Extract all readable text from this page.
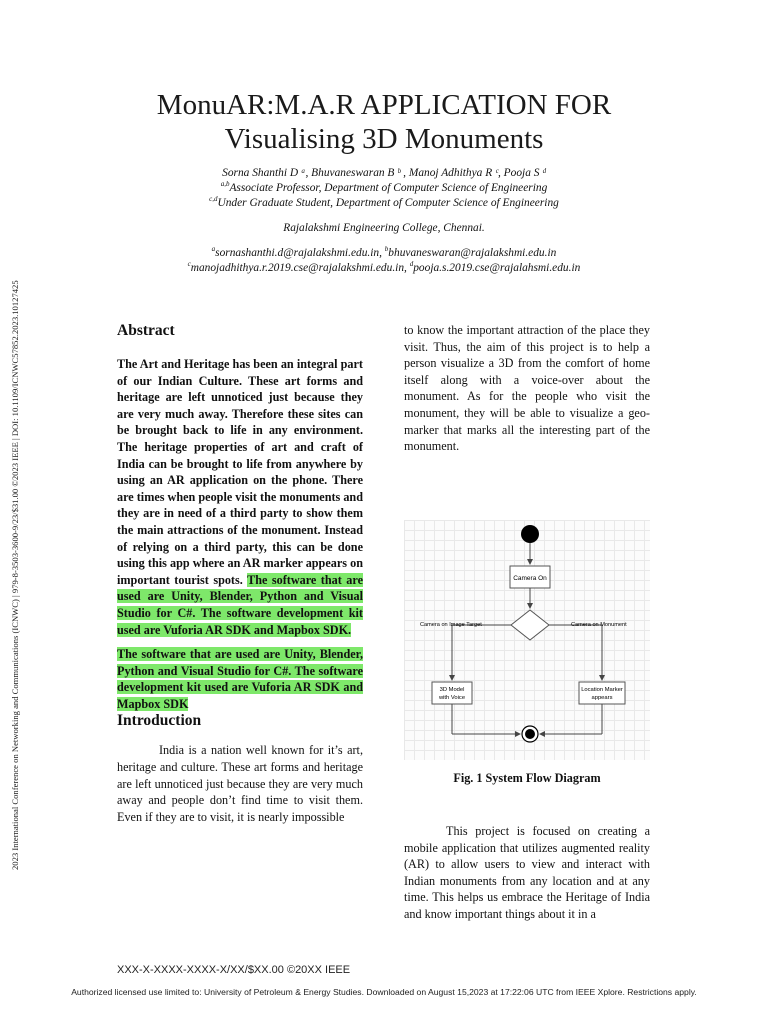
2023 International Conference on Networking and Communications (ICNWC) | 979-8-3503-3600-9/23/$31.00 ©2023 IEEE | DOI: 10.1109/ICNWC57852.2023.10127425
MonuAR:M.A.R APPLICATION FOR
Visualising 3D Monuments
Sorna Shanthi D ᵃ, Bhuvaneswaran B ᵇ , Manoj Adhithya R ᶜ, Pooja S ᵈ
$^{a,b}$Associate Professor, Department of Computer Science of Engineering
$^{c,d}$Under Graduate Student, Department of Computer Science of Engineering
Rajalakshmi Engineering College, Chennai.
$^a$sornashanthi.d@rajalakshmi.edu.in, $^b$bhuvaneswaran@rajalakshmi.edu.in
$^c$manojadhithya.r.2019.cse@rajalakshmi.edu.in, $^d$pooja.s.2019.cse@rajalahsmi.edu.in
Abstract

The Art and Heritage has been an integral part of our Indian Culture. These art forms and heritage are left unnoticed just because they are very much away. Therefore these sites can be brought back to life in any environment. The heritage properties of art and craft of India can be brought to life from anywhere by using an AR application on the phone. There are times when people visit the monuments and they are in need of a third party to show them the main attractions of the monument. Instead of relying on a third party, this can be done using this app where an AR marker appears on important tourist spots. The software that are used are Unity, Blender, Python and Visual Studio for C#. The software development kit used are Vuforia AR SDK and Mapbox SDK.

The software that are used are Unity, Blender, Python and Visual Studio for C#. The software development kit used are Vuforia AR SDK and Mapbox SDK

Introduction

India is a nation well known for it’s art, heritage and culture. These art forms and heritage are left unnoticed just because they are very much away and people don’t find time to visit them. Even if they are to visit, it is nearly impossible

to know the important attraction of the place they visit. Thus, the aim of this project is to help a person visualize a 3D from the comfort of home itself along with a voice-over about the monument. As for the people who visit the monument, they will be able to visualize a geo-marker that marks all the interesting part of the monument.

Camera On
Camera on Image Target	Camera on Monument
3D Model
with Voice
Location Marker
appears
Fig. 1 System Flow Diagram

This project is focused on creating a mobile application that utilizes augmented reality (AR) to allow users to view and interact with Indian monuments from any location and at any time. This helps us embrace the Heritage of India and know important things about it in a

XXX-X-XXXX-XXXX-X/XX/$XX.00 ©20XX IEEE
Authorized licensed use limited to: University of Petroleum & Energy Studies. Downloaded on August 15,2023 at 17:22:06 UTC from IEEE Xplore. Restrictions apply.
